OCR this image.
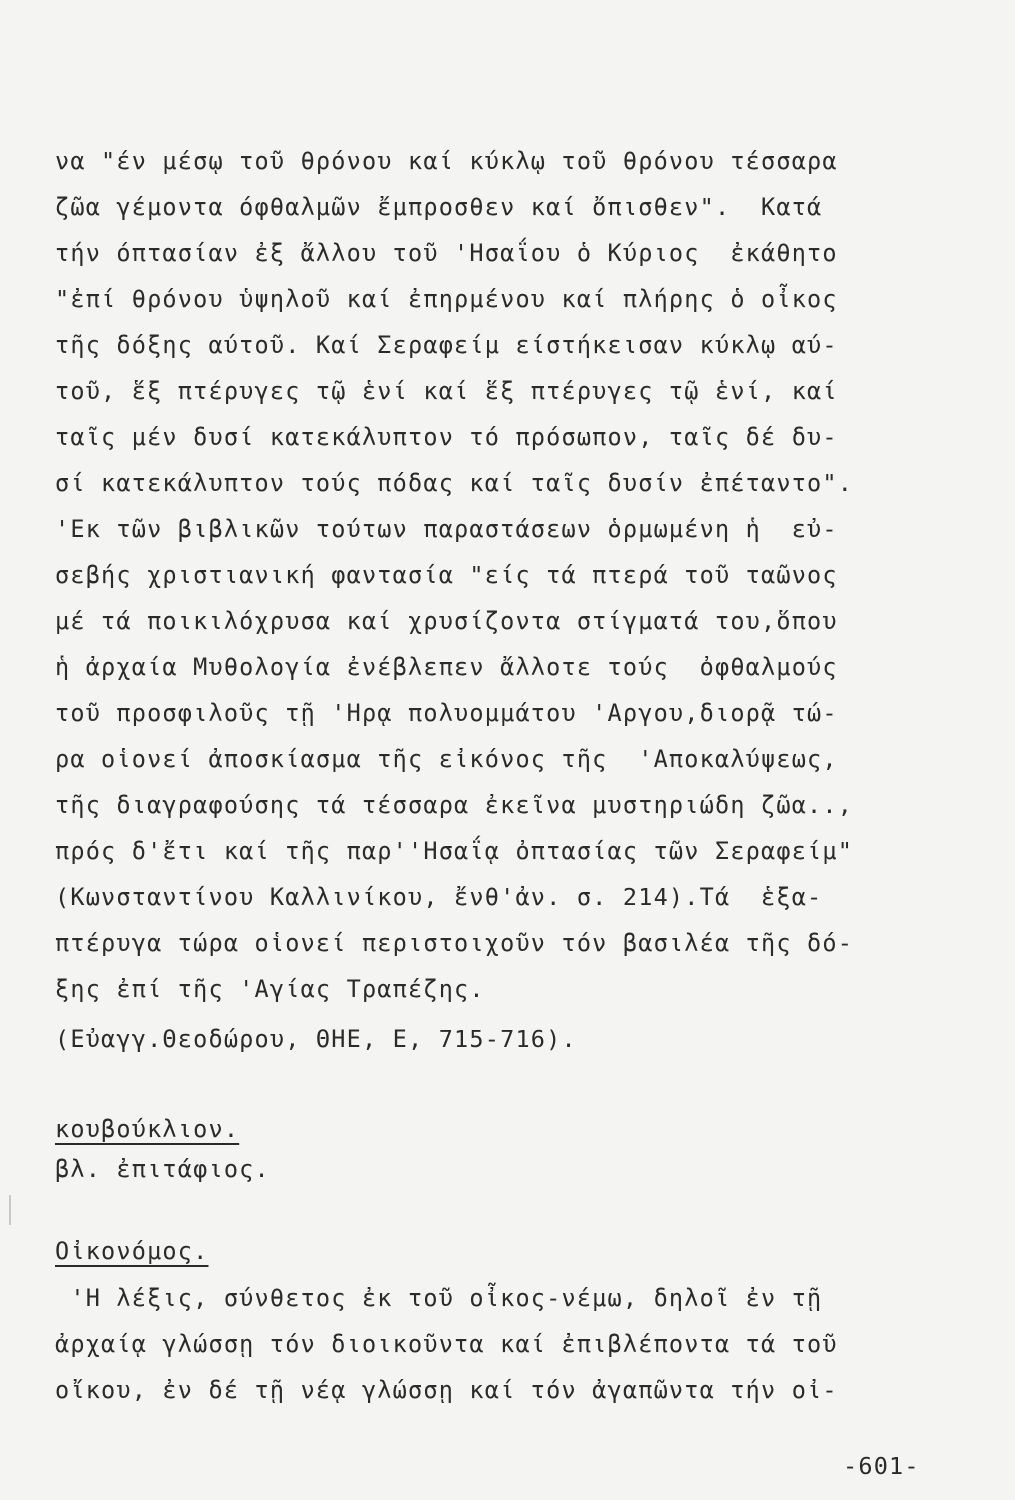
να "έν μέσῳ τοῦ θρόνου καί κύκλῳ τοῦ θρόνου τέσσαρα
ζῶα γέμοντα όφθαλμῶν ἔμπροσθεν καί ὄπισθεν".  Κατά
τήν όπτασίαν ἐξ ἄλλου τοῦ 'Ησαΐου ὁ Κύριος  ἐκάθητο
"ἐπί θρόνου ὑψηλοῦ καί ἐπηρμένου καί πλήρης ὁ οἶκος
τῆς δόξης αύτοῦ. Καί Σεραφείμ είστήκεισαν κύκλῳ αύ-
τοῦ, ἕξ πτέρυγες τῷ ἑνί καί ἕξ πτέρυγες τῷ ἑνί, καί
ταῖς μέν δυσί κατεκάλυπτον τό πρόσωπον, ταῖς δέ δυ-
σί κατεκάλυπτον τούς πόδας καί ταῖς δυσίν ἐπέταντο".
'Εκ τῶν βιβλικῶν τούτων παραστάσεων ὁρμωμένη ἡ  εὐ-
σεβής χριστιανική φαντασία "είς τά πτερά τοῦ ταῶνος
μέ τά ποικιλόχρυσα καί χρυσίζοντα στίγματά του,ὅπου
ἡ ἀρχαία Μυθολογία ἐνέβλεπεν ἄλλοτε τούς  ὀφθαλμούς
τοῦ προσφιλοῦς τῇ 'Ηρᾳ πολυομμάτου 'Αργου,διορᾷ τώ-
ρα οἱονεί ἀποσκίασμα τῆς εἰκόνος τῆς  'Αποκαλύψεως,
τῆς διαγραφούσης τά τέσσαρα ἐκεῖνα μυστηριώδη ζῶα..,
πρός δ'ἔτι καί τῆς παρ''Ησαΐᾳ ὀπτασίας τῶν Σεραφείμ"
(Κωνσταντίνου Καλλινίκου, ἔνθ'ἀν. σ. 214).Τά  ἑξα-
πτέρυγα τώρα οἱονεί περιστοιχοῦν τόν βασιλέα τῆς δό-
ξης ἐπί τῆς 'Αγίας Τραπέζης.
(Εὐαγγ.Θεοδώρου, ΘΗΕ, Ε, 715-716).
κουβούκλιον.
βλ. ἐπιτάφιος.
Οἰκονόμος.
'Η λέξις, σύνθετος ἐκ τοῦ οἶκος-νέμω, δηλοῖ ἐν τῇ
ἀρχαίᾳ γλώσσῃ τόν διοικοῦντα καί ἐπιβλέποντα τά τοῦ
οἴκου, ἐν δέ τῇ νέᾳ γλώσσῃ καί τόν ἀγαπῶντα τήν οἰ-
-601-
